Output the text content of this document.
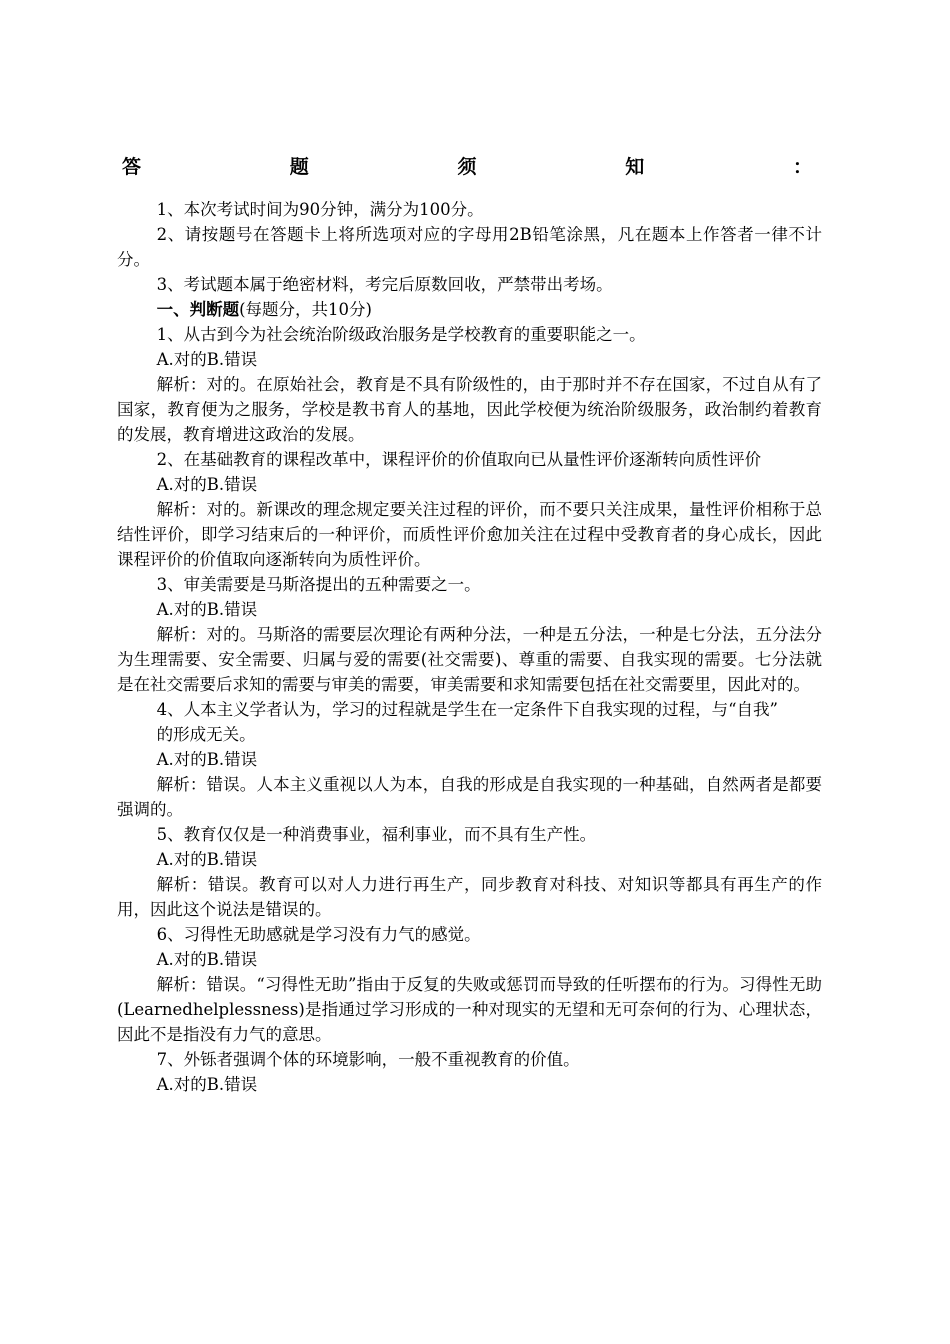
答	题	须	知	：

1、本次考试时间为90分钟，满分为100分。

2、请按题号在答题卡上将所选项对应的字母用2B铅笔涂黑，凡在题本上作答者一律不计分。

3、考试题本属于绝密材料，考完后原数回收，严禁带出考场。

一、判断题(每题分，共10分)

1、从古到今为社会统治阶级政治服务是学校教育的重要职能之一。

A.对的B.错误

解析：对的。在原始社会，教育是不具有阶级性的，由于那时并不存在国家，不过自从有了国家，教育便为之服务，学校是教书育人的基地，因此学校便为统治阶级服务，政治制约着教育的发展，教育增进这政治的发展。

2、在基础教育的课程改革中，课程评价的价值取向已从量性评价逐渐转向质性评价

A.对的B.错误

解析：对的。新课改的理念规定要关注过程的评价，而不要只关注成果，量性评价相称于总结性评价，即学习结束后的一种评价，而质性评价愈加关注在过程中受教育者的身心成长，因此课程评价的价值取向逐渐转向为质性评价。

3、审美需要是马斯洛提出的五种需要之一。

A.对的B.错误

解析：对的。马斯洛的需要层次理论有两种分法，一种是五分法，一种是七分法，五分法分为生理需要、安全需要、归属与爱的需要(社交需要)、尊重的需要、自我实现的需要。七分法就是在社交需要后求知的需要与审美的需要，审美需要和求知需要包括在社交需要里，因此对的。

4、人本主义学者认为，学习的过程就是学生在一定条件下自我实现的过程，与“自我”

的形成无关。

A.对的B.错误

解析：错误。人本主义重视以人为本，自我的形成是自我实现的一种基础，自然两者是都要强调的。

5、教育仅仅是一种消费事业，福利事业，而不具有生产性。

A.对的B.错误

解析：错误。教育可以对人力进行再生产，同步教育对科技、对知识等都具有再生产的作用，因此这个说法是错误的。

6、习得性无助感就是学习没有力气的感觉。

A.对的B.错误

解析：错误。“习得性无助”指由于反复的失败或惩罚而导致的任听摆布的行为。习得性无助(Learnedhelplessness)是指通过学习形成的一种对现实的无望和无可奈何的行为、心理状态，因此不是指没有力气的意思。

7、外铄者强调个体的环境影响，一般不重视教育的价值。

A.对的B.错误
